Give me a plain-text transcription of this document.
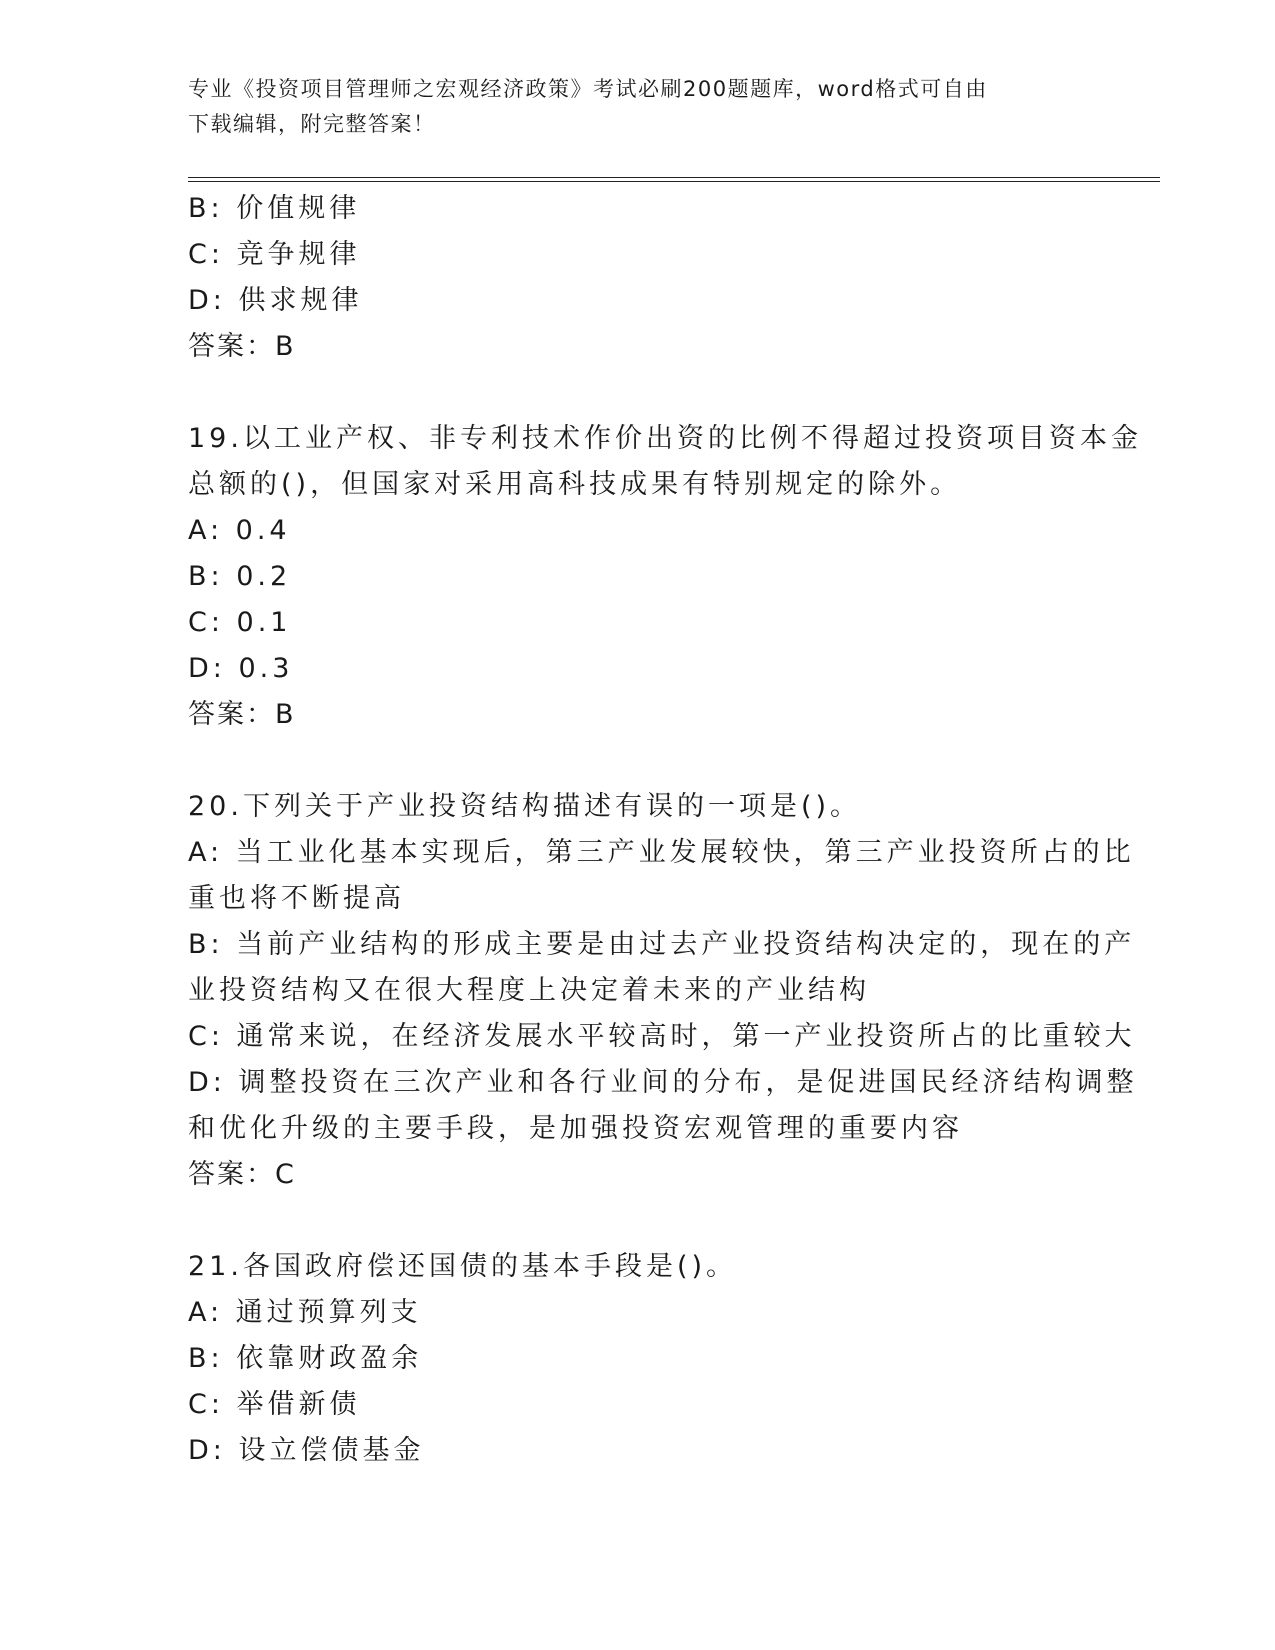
专业《投资项目管理师之宏观经济政策》考试必刷200题题库，word格式可自由
下载编辑，附完整答案！
B: 价值规律
C: 竞争规律
D: 供求规律
答案：B
19.以工业产权、非专利技术作价出资的比例不得超过投资项目资本金
总额的()，但国家对采用高科技成果有特别规定的除外。
A: 0.4
B: 0.2
C: 0.1
D: 0.3
答案：B
20.下列关于产业投资结构描述有误的一项是()。
A: 当工业化基本实现后，第三产业发展较快，第三产业投资所占的比
重也将不断提高
B: 当前产业结构的形成主要是由过去产业投资结构决定的，现在的产
业投资结构又在很大程度上决定着未来的产业结构
C: 通常来说，在经济发展水平较高时，第一产业投资所占的比重较大
D: 调整投资在三次产业和各行业间的分布，是促进国民经济结构调整
和优化升级的主要手段，是加强投资宏观管理的重要内容
答案：C
21.各国政府偿还国债的基本手段是()。
A: 通过预算列支
B: 依靠财政盈余
C: 举借新债
D: 设立偿债基金
